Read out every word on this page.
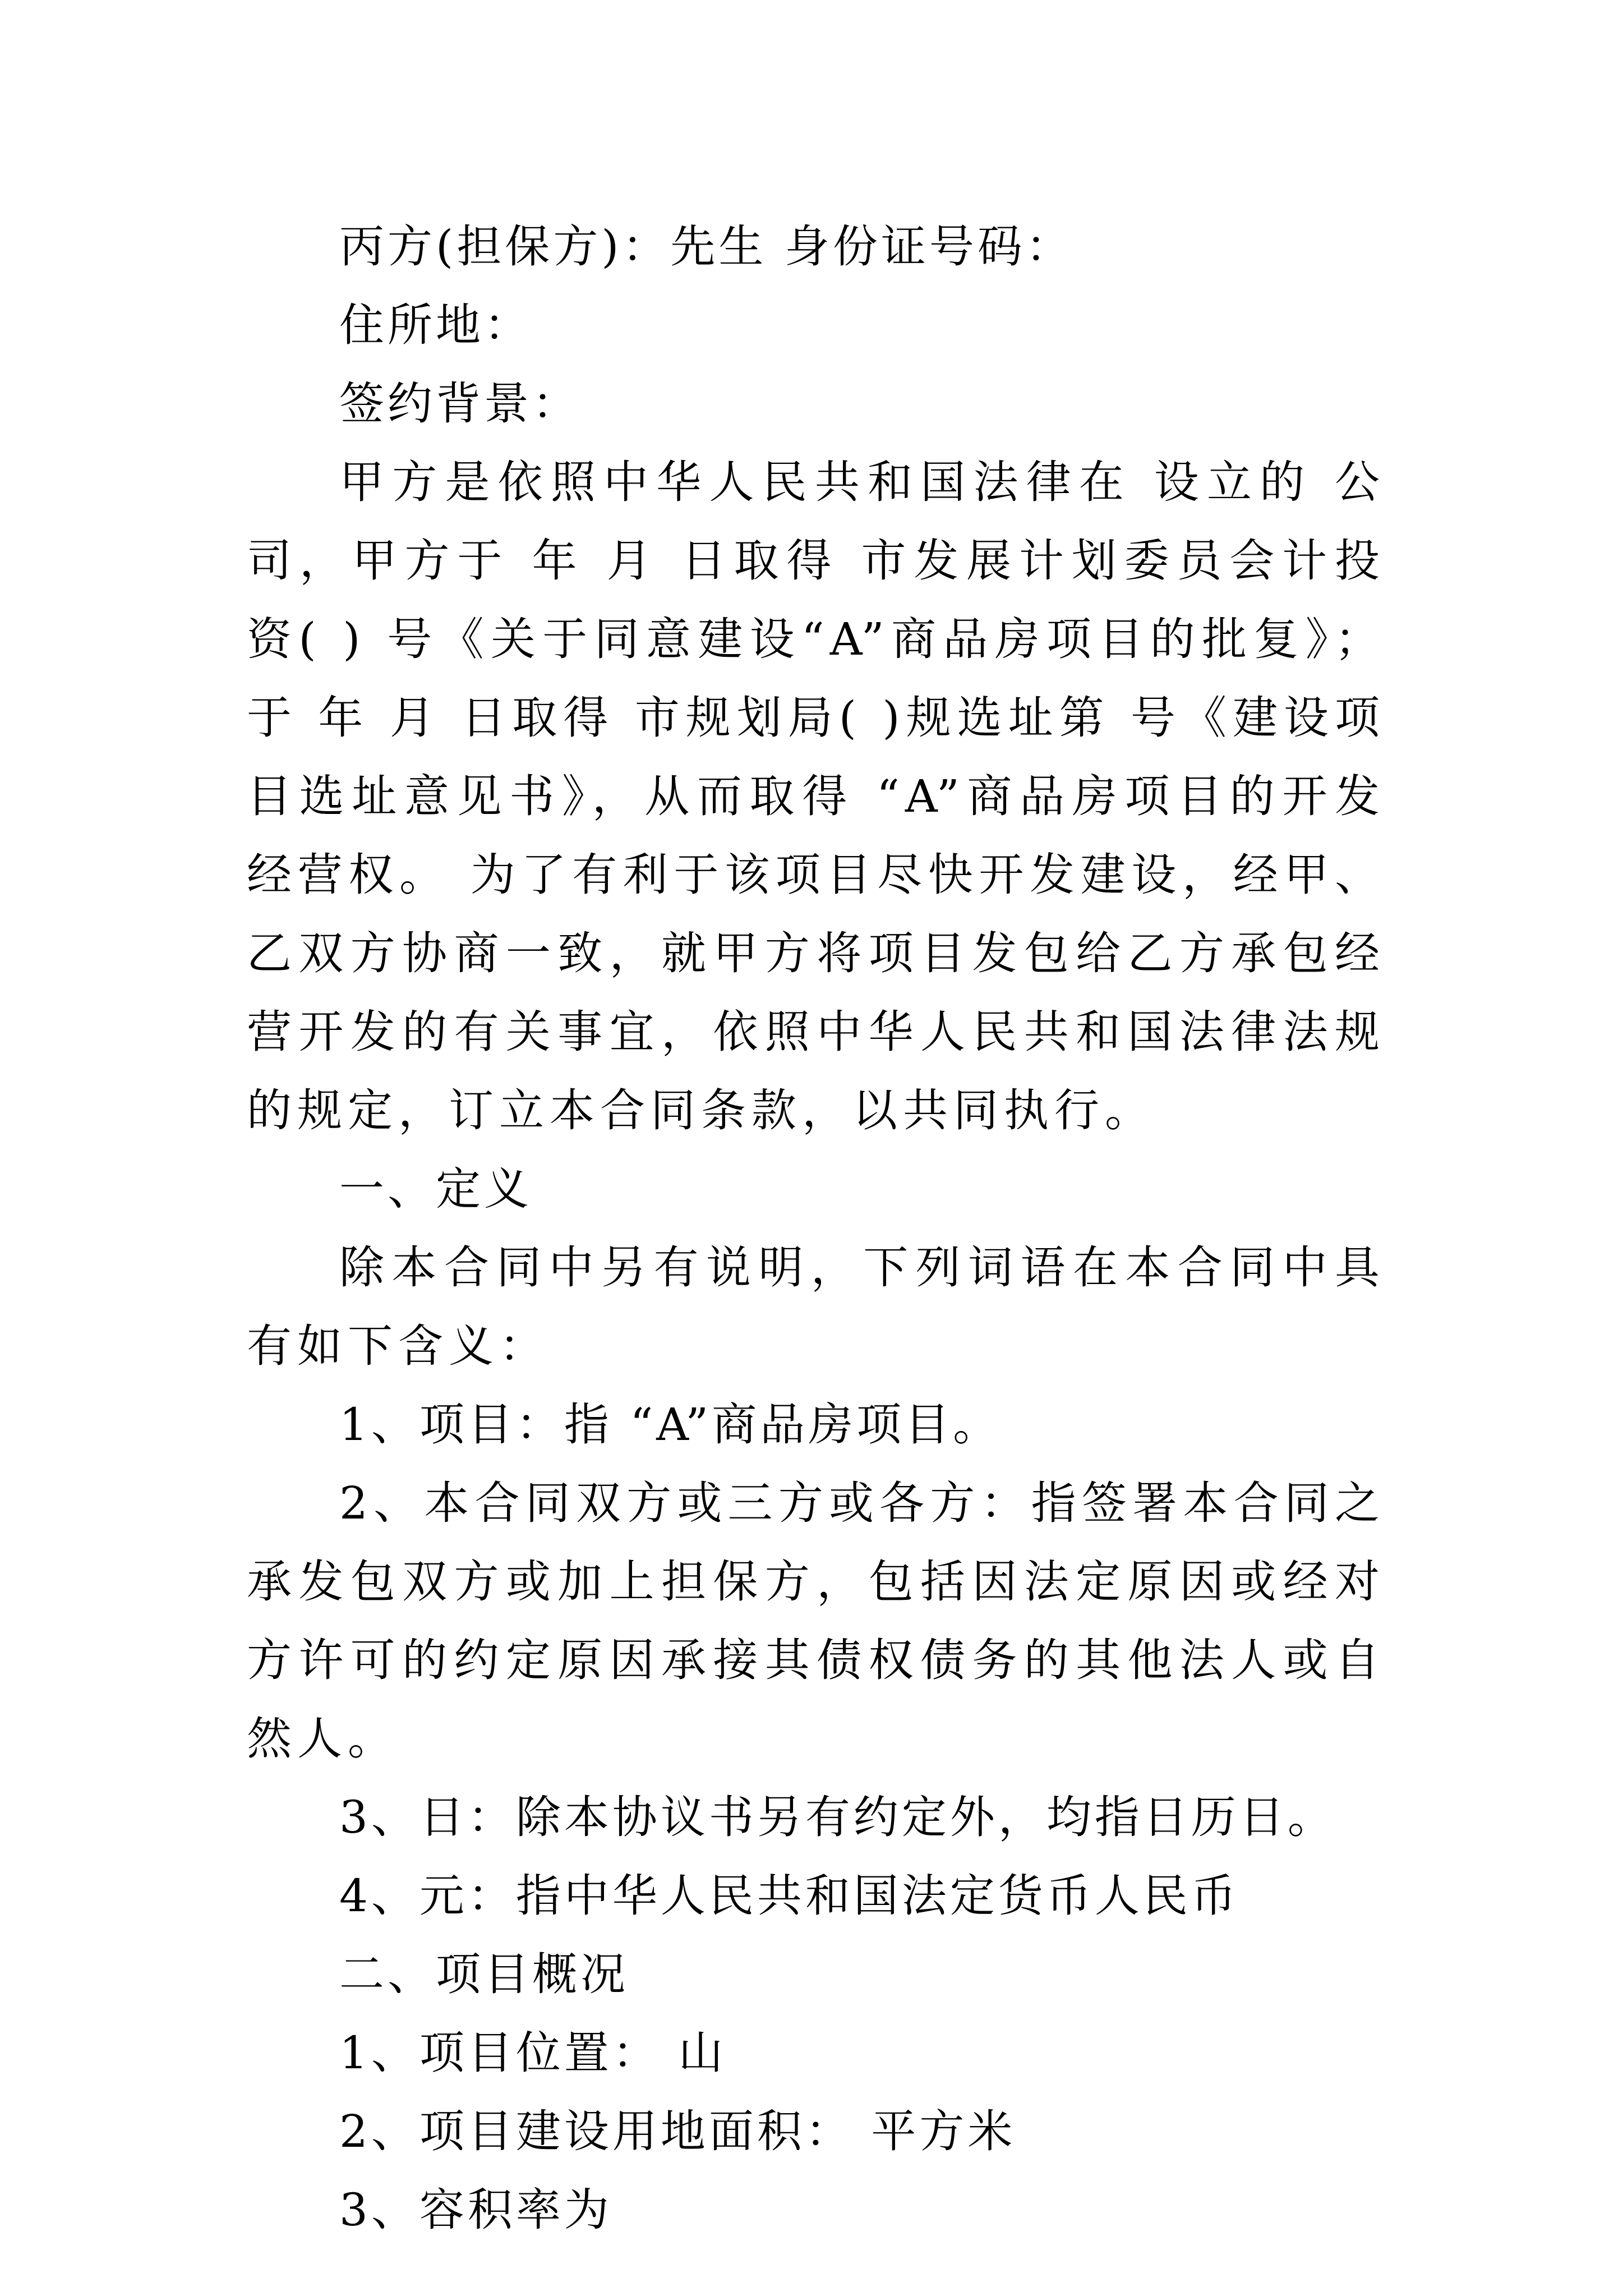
丙方(担保方)：先生 身份证号码：

住所地：

签约背景：

甲方是依照中华人民共和国法律在 设立的 公司，甲方于 年 月 日取得 市发展计划委员会计投资( ) 号《关于同意建设“A”商品房项目的批复》；于 年 月 日取得 市规划局( )规选址第 号《建设项目选址意见书》，从而取得 “A”商品房项目的开发经营权。 为了有利于该项目尽快开发建设，经甲、乙双方协商一致，就甲方将项目发包给乙方承包经营开发的有关事宜，依照中华人民共和国法律法规的规定，订立本合同条款，以共同执行。

一、定义

除本合同中另有说明，下列词语在本合同中具有如下含义：

1、项目：指 “A”商品房项目。

2、本合同双方或三方或各方：指签署本合同之承发包双方或加上担保方，包括因法定原因或经对方许可的约定原因承接其债权债务的其他法人或自然人。

3、日：除本协议书另有约定外，均指日历日。

4、元：指中华人民共和国法定货币人民币

二、项目概况

1、项目位置： 山

2、项目建设用地面积： 平方米

3、容积率为
